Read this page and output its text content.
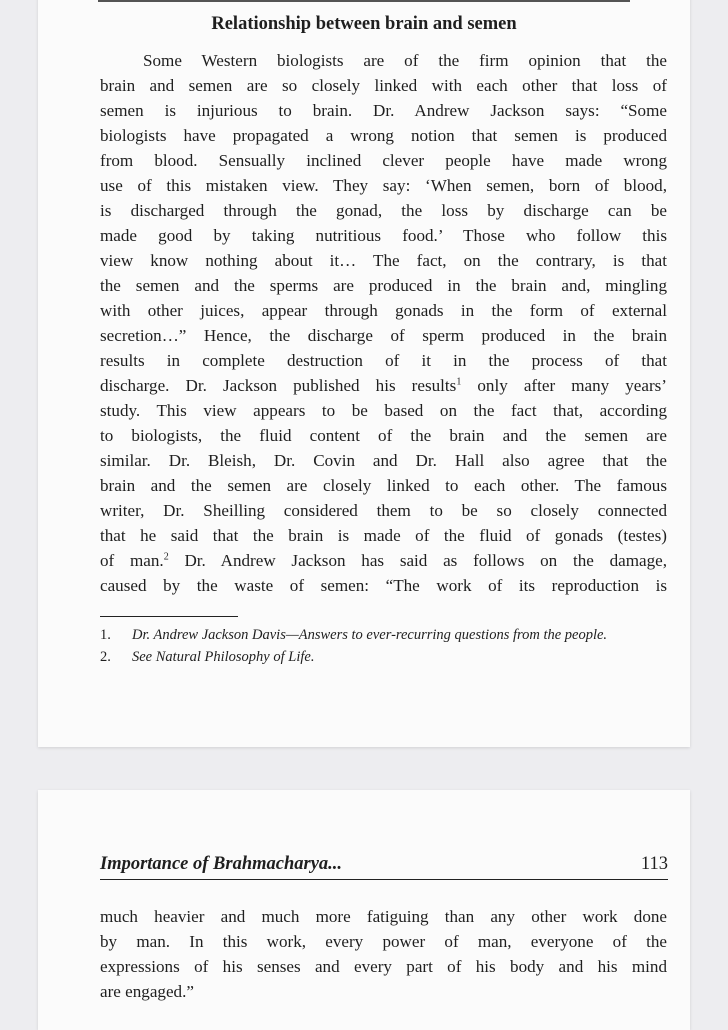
Relationship between brain and semen
Some Western biologists are of the firm opinion that the
brain and semen are so closely linked with each other that loss of
semen is injurious to brain. Dr. Andrew Jackson says: “Some
biologists have propagated a wrong notion that semen is produced
from blood. Sensually inclined clever people have made wrong
use of this mistaken view. They say: ‘When semen, born of blood,
is discharged through the gonad, the loss by discharge can be
made good by taking nutritious food.’ Those who follow this
view know nothing about it… The fact, on the contrary, is that
the semen and the sperms are produced in the brain and, mingling
with other juices, appear through gonads in the form of external
secretion…” Hence, the discharge of sperm produced in the brain
results in complete destruction of it in the process of that
discharge. Dr. Jackson published his results$^1$ only after many years’
study. This view appears to be based on the fact that, according
to biologists, the fluid content of the brain and the semen are
similar. Dr. Bleish, Dr. Covin and Dr. Hall also agree that the
brain and the semen are closely linked to each other. The famous
writer, Dr. Sheilling considered them to be so closely connected
that he said that the brain is made of the fluid of gonads (testes)
of man.$^2$ Dr. Andrew Jackson has said as follows on the damage,
caused by the waste of semen: “The work of its reproduction is
1. Dr. Andrew Jackson Davis—Answers to ever-recurring questions from the people.
2. See Natural Philosophy of Life.
Importance of Brahmacharya...	113
much heavier and much more fatiguing than any other work done
by man. In this work, every power of man, everyone of the
expressions of his senses and every part of his body and his mind
are engaged.”
